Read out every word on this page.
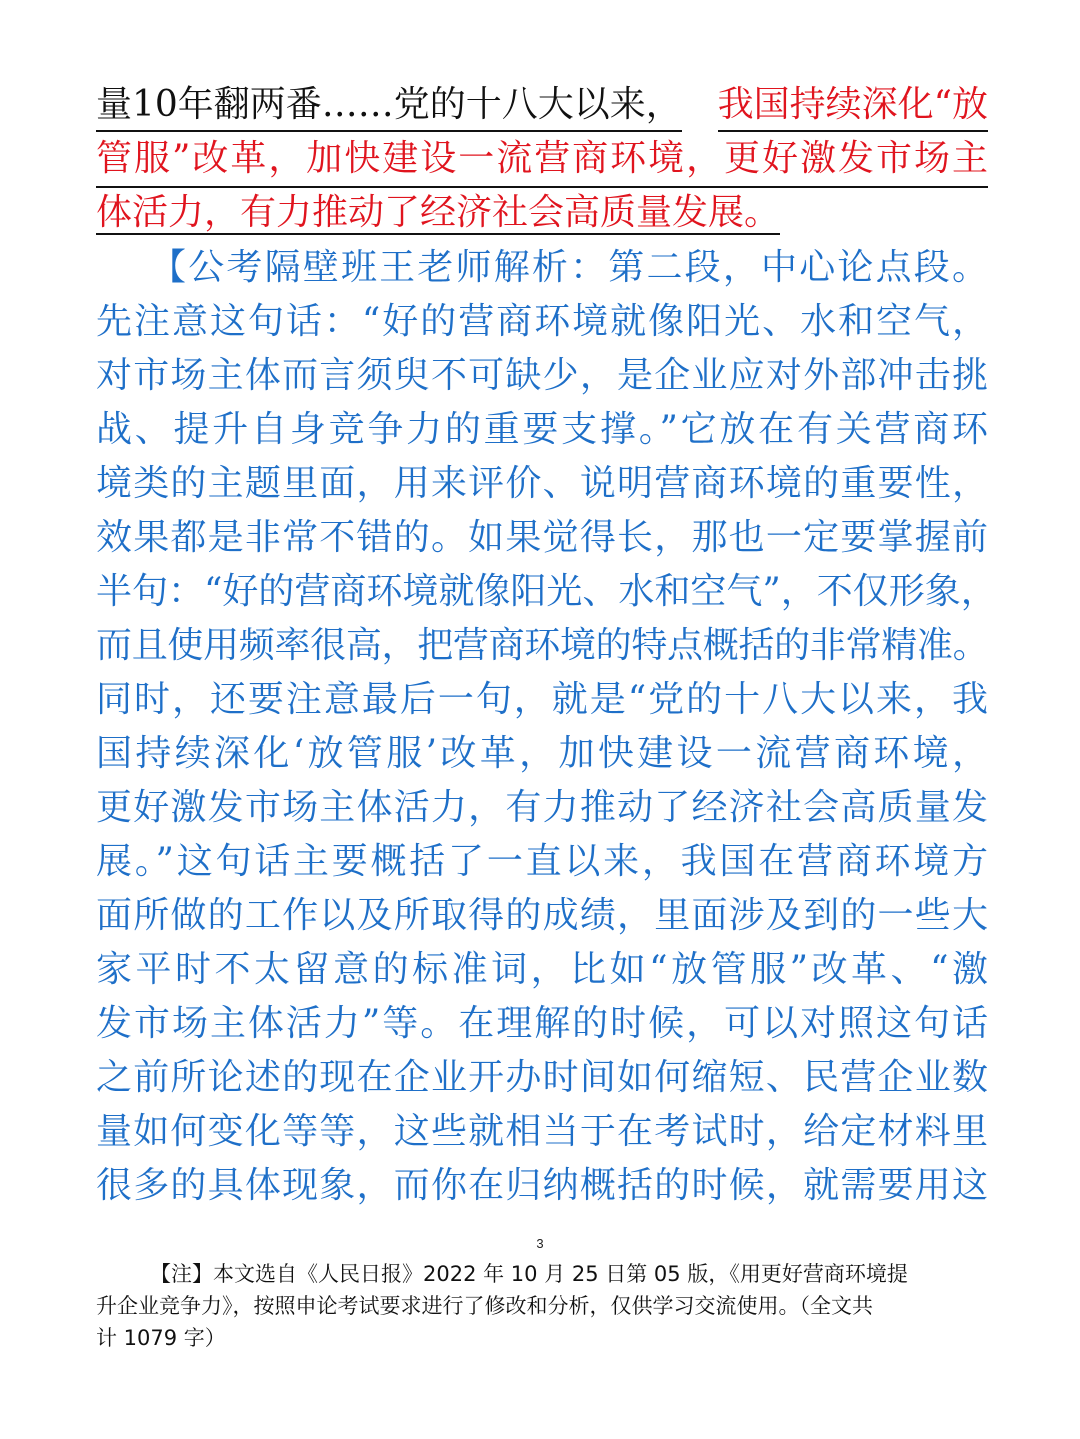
量10年翻两番……党的十八大以来， 我国持续深化“放
管服”改革，加快建设一流营商环境，更好激发市场主
体活力，有力推动了经济社会高质量发展。
【公考隔壁班王老师解析：第二段，中心论点段。
先注意这句话：“好的营商环境就像阳光、水和空气，
对市场主体而言须臾不可缺少，是企业应对外部冲击挑
战、提升自身竞争力的重要支撑。”它放在有关营商环
境类的主题里面，用来评价、说明营商环境的重要性，
效果都是非常不错的。如果觉得长，那也一定要掌握前
半句：“好的营商环境就像阳光、水和空气”，不仅形象，
而且使用频率很高，把营商环境的特点概括的非常精准。
同时，还要注意最后一句，就是“党的十八大以来，我
国持续深化‘放管服’改革，加快建设一流营商环境，
更好激发市场主体活力，有力推动了经济社会高质量发
展。”这句话主要概括了一直以来，我国在营商环境方
面所做的工作以及所取得的成绩，里面涉及到的一些大
家平时不太留意的标准词，比如“放管服”改革、“激
发市场主体活力”等。在理解的时候，可以对照这句话
之前所论述的现在企业开办时间如何缩短、民营企业数
量如何变化等等，这些就相当于在考试时，给定材料里
很多的具体现象，而你在归纳概括的时候，就需要用这
3
【注】本文选自《人民日报》2022 年 10 月 25 日第 05 版，《用更好营商环境提
升企业竞争力》，按照申论考试要求进行了修改和分析，仅供学习交流使用。（全文共
计 1079 字）
